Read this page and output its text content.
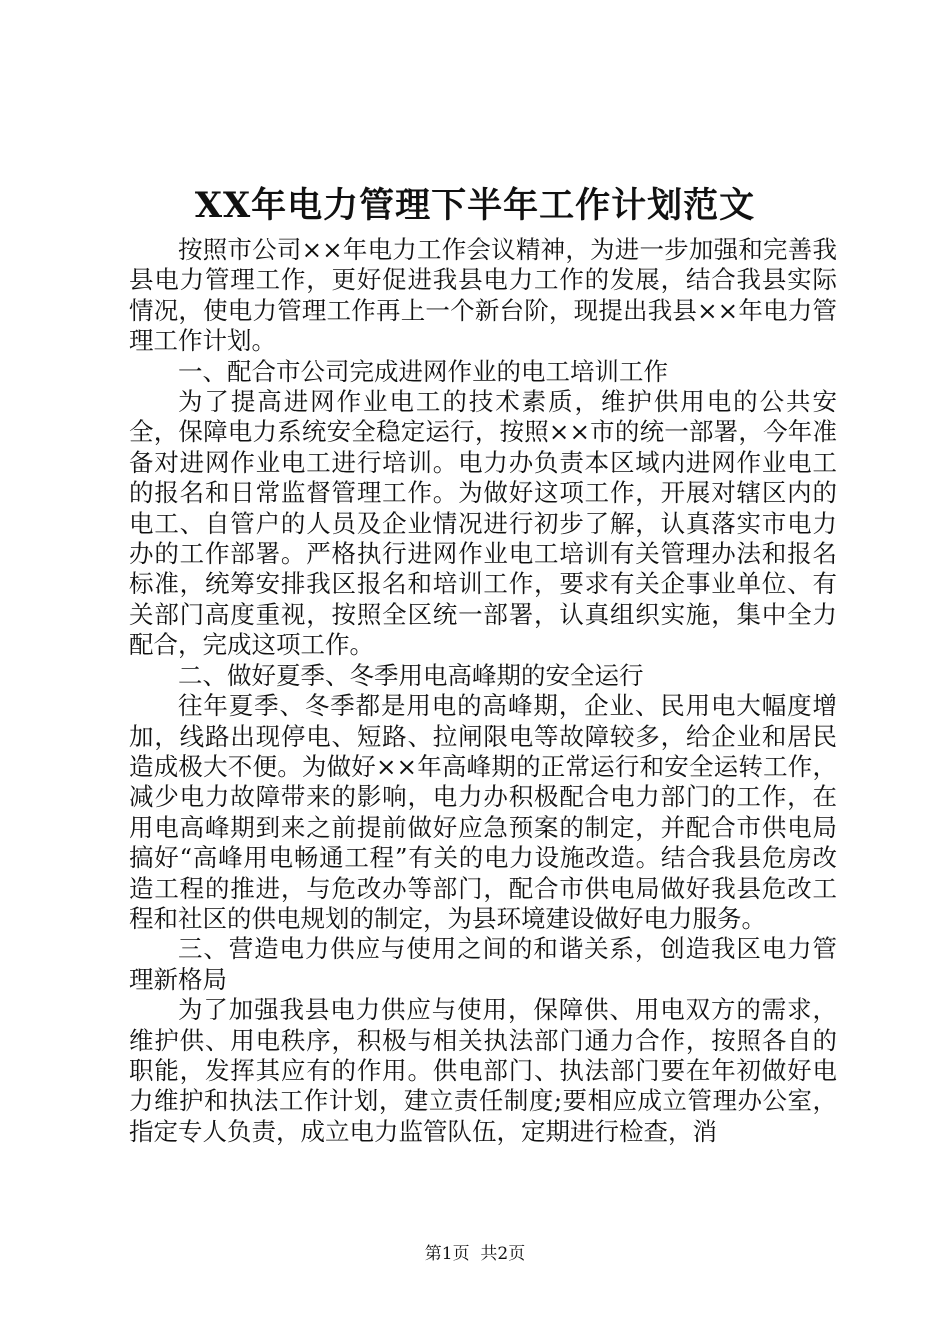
XX年电力管理下半年工作计划范文

按照市公司××年电力工作会议精神，为进一步加强和完善我县电力管理工作，更好促进我县电力工作的发展，结合我县实际情况，使电力管理工作再上一个新台阶，现提出我县××年电力管理工作计划。

一、配合市公司完成进网作业的电工培训工作

为了提高进网作业电工的技术素质，维护供用电的公共安全，保障电力系统安全稳定运行，按照××市的统一部署，今年准备对进网作业电工进行培训。电力办负责本区域内进网作业电工的报名和日常监督管理工作。为做好这项工作，开展对辖区内的电工、自管户的人员及企业情况进行初步了解，认真落实市电力办的工作部署。严格执行进网作业电工培训有关管理办法和报名标准，统筹安排我区报名和培训工作，要求有关企事业单位、有关部门高度重视，按照全区统一部署，认真组织实施，集中全力配合，完成这项工作。

二、做好夏季、冬季用电高峰期的安全运行

往年夏季、冬季都是用电的高峰期，企业、民用电大幅度增加，线路出现停电、短路、拉闸限电等故障较多，给企业和居民造成极大不便。为做好××年高峰期的正常运行和安全运转工作，减少电力故障带来的影响，电力办积极配合电力部门的工作，在用电高峰期到来之前提前做好应急预案的制定，并配合市供电局搞好“高峰用电畅通工程”有关的电力设施改造。结合我县危房改造工程的推进，与危改办等部门，配合市供电局做好我县危改工程和社区的供电规划的制定，为县环境建设做好电力服务。

三、营造电力供应与使用之间的和谐关系，创造我区电力管理新格局

为了加强我县电力供应与使用，保障供、用电双方的需求，维护供、用电秩序，积极与相关执法部门通力合作，按照各自的职能，发挥其应有的作用。供电部门、执法部门要在年初做好电力维护和执法工作计划，建立责任制度;要相应成立管理办公室，指定专人负责，成立电力监管队伍，定期进行检查，消

第1页 共2页
